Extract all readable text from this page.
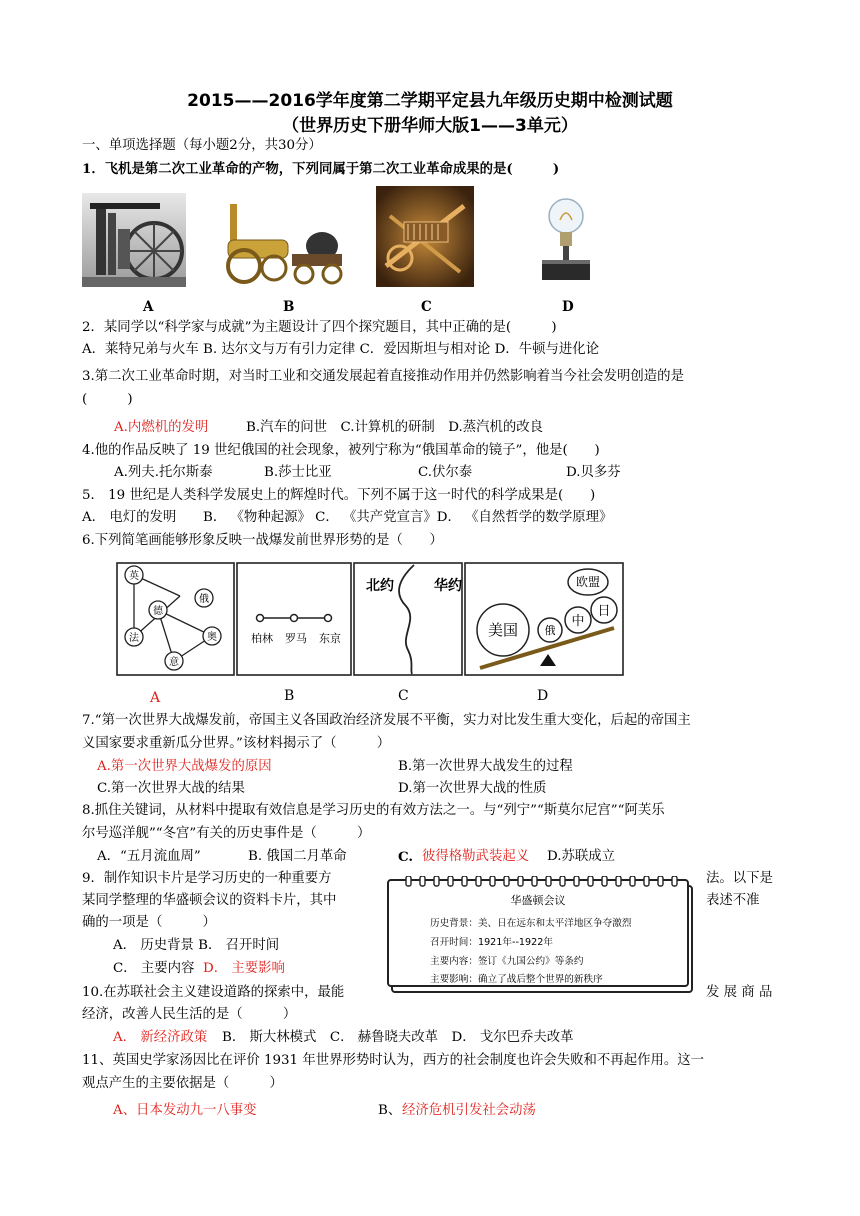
2015——2016学年度第二学期平定县九年级历史期中检测试题
（世界历史下册华师大版1——3单元）
一、单项选择题（每小题2分，共30分）
1．飞机是第二次工业革命的产物，下列同属于第二次工业革命成果的是(　　　)
A	B	C	D
2．某同学以“科学家与成就”为主题设计了四个探究题目，其中正确的是(　　　)
A．莱特兄弟与火车 B. 达尔文与万有引力定律 C．爱因斯坦与相对论 D．牛顿与进化论
3.第二次工业革命时期，对当时工业和交通发展起着直接推动作用并仍然影响着当今社会发明创造的是
(　　　)
A.内燃机的发明	B.汽车的问世　C.计算机的研制　D.蒸汽机的改良
4.他的作品反映了 19 世纪俄国的社会现象，被列宁称为“俄国革命的镜子”，他是(　　)
A.列夫.托尔斯泰	B.莎士比亚	C.伏尔泰	D.贝多芬
5． 19 世纪是人类科学发展史上的辉煌时代。下列不属于这一时代的科学成果是(　　)
A． 电灯的发明　　B． 《物种起源》 C． 《共产党宣言》D． 《自然哲学的数学原理》
6.下列简笔画能够形象反映一战爆发前世界形势的是（　　）
英
德
俄
法	奥
意
柏林 罗马 东京
北约	华约
美国 俄
中
日
欧盟
A	B	C	D
7.“第一次世界大战爆发前，帝国主义各国政治经济发展不平衡，实力对比发生重大变化，后起的帝国主
义国家要求重新瓜分世界。”该材料揭示了（　　　）
A.第一次世界大战爆发的原因	B.第一次世界大战发生的过程
C.第一次世界大战的结果	D.第一次世界大战的性质
8.抓住关键词，从材料中提取有效信息是学习历史的有效方法之一。与“列宁”“斯莫尔尼宫”“阿芙乐
尔号巡洋舰”“冬宫”有关的历史事件是（　　　）
A．“五月流血周”	B. 俄国二月革命	C. 彼得格勒武装起义 D.苏联成立
9．制作知识卡片是学习历史的一种重要方	法。以下是
某同学整理的华盛顿会议的资料卡片，其中	表述不准
确的一项是（　　　）
A． 历史背景 B． 召开时间
C． 主要内容 D． 主要影响
华盛顿会议
历史背景：美、日在远东和太平洋地区争夺激烈
召开时间：1921年--1922年
主要内容：签订《九国公约》等条约
主要影响：确立了战后整个世界的新秩序
10.在苏联社会主义建设道路的探索中，最能	发 展 商 品
经济，改善人民生活的是（　　　）
A． 新经济政策 B． 斯大林模式　C． 赫鲁晓夫改革　D． 戈尔巴乔夫改革
11、英国史学家汤因比在评价 1931 年世界形势时认为，西方的社会制度也许会失败和不再起作用。这一
观点产生的主要依据是（　　　）
A、日本发动九一八事变	B、 经济危机引发社会动荡
